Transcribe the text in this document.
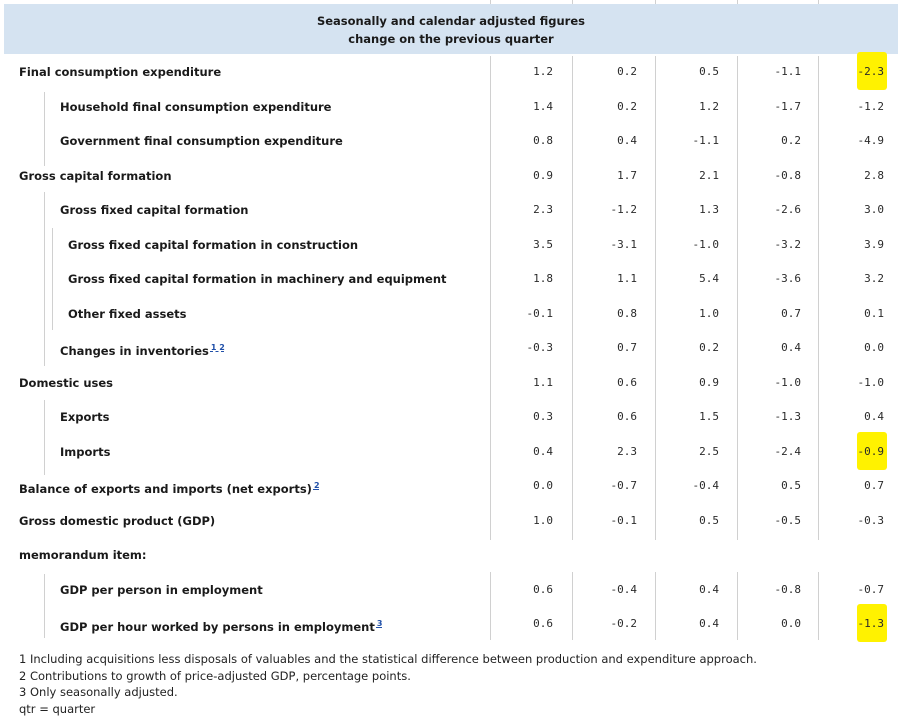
Seasonally and calendar adjusted figures
change on the previous quarter
Final consumption expenditure	1.2	0.2	0.5	-1.1	-2.3
Household final consumption expenditure	1.4	0.2	1.2	-1.7	-1.2
Government final consumption expenditure	0.8	0.4	-1.1	0.2	-4.9
Gross capital formation	0.9	1.7	2.1	-0.8	2.8
Gross fixed capital formation	2.3	-1.2	1.3	-2.6	3.0
Gross fixed capital formation in construction	3.5	-3.1	-1.0	-3.2	3.9
Gross fixed capital formation in machinery and equipment	1.8	1.1	5.4	-3.6	3.2
Other fixed assets	-0.1	0.8	1.0	0.7	0.1
Changes in inventories $^{1 2}$	-0.3	0.7	0.2	0.4	0.0
Domestic uses	1.1	0.6	0.9	-1.0	-1.0
Exports	0.3	0.6	1.5	-1.3	0.4
Imports	0.4	2.3	2.5	-2.4	-0.9
Balance of exports and imports (net exports) $^2$	0.0	-0.7	-0.4	0.5	0.7
Gross domestic product (GDP)	1.0	-0.1	0.5	-0.5	-0.3
memorandum item:
GDP per person in employment	0.6	-0.4	0.4	-0.8	-0.7
GDP per hour worked by persons in employment $^3$	0.6	-0.2	0.4	0.0	-1.3
1 Including acquisitions less disposals of valuables and the statistical difference between production and expenditure approach.
2 Contributions to growth of price-adjusted GDP, percentage points.
3 Only seasonally adjusted.
qtr = quarter
